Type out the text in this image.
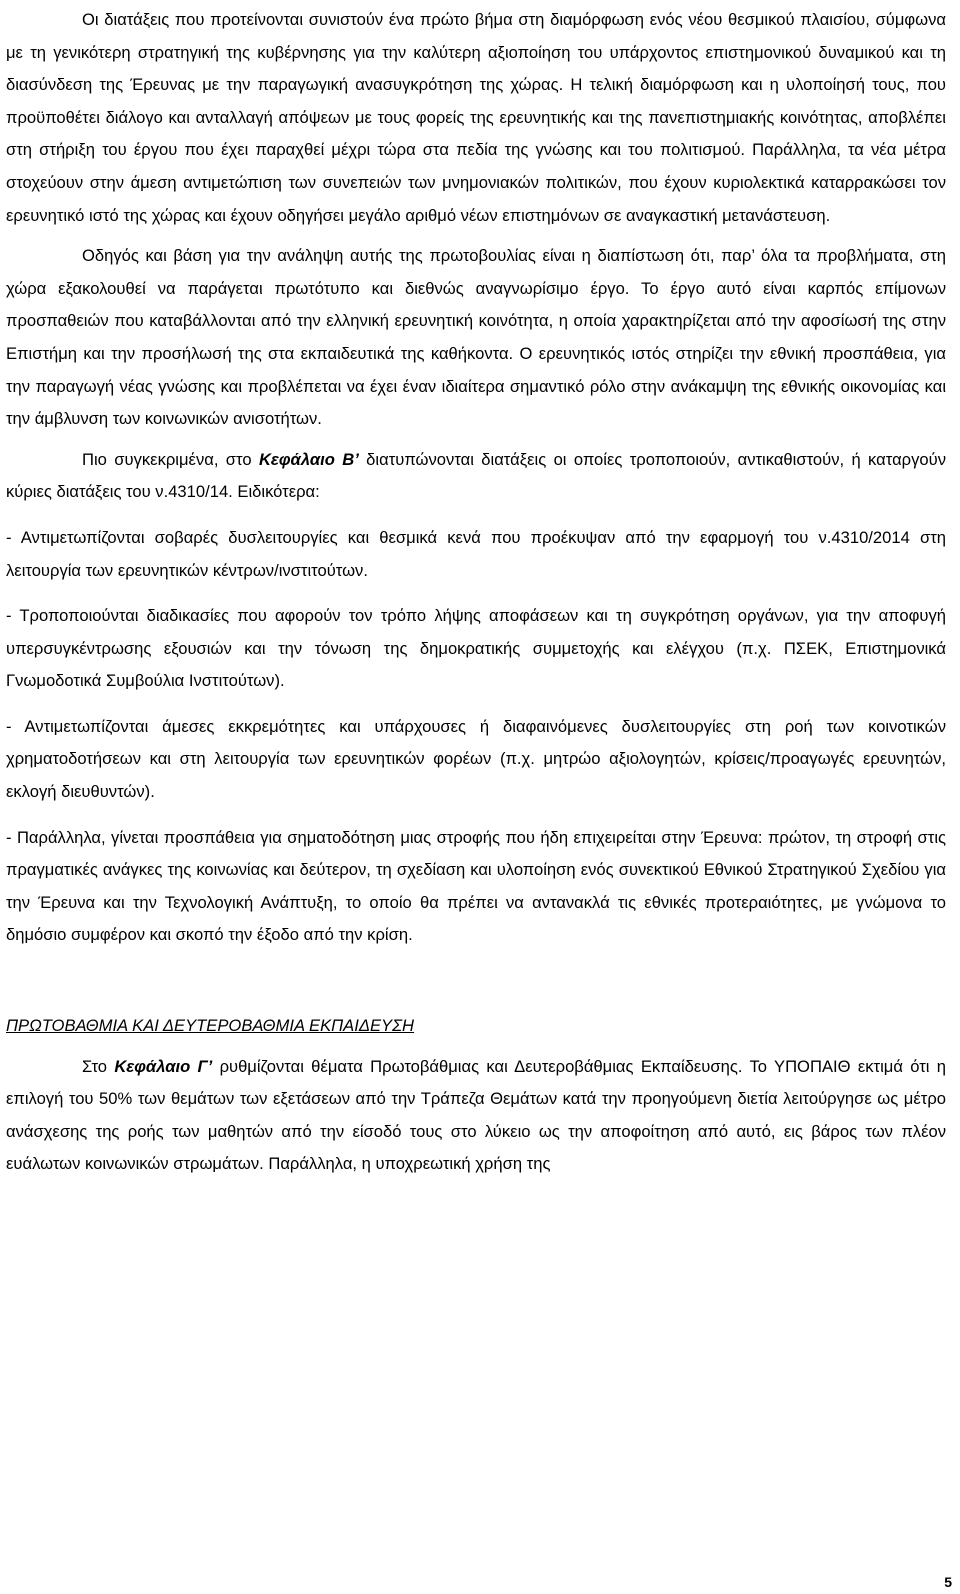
Οι διατάξεις που προτείνονται συνιστούν ένα πρώτο βήμα στη διαμόρφωση ενός νέου θεσμικού πλαισίου, σύμφωνα με τη γενικότερη στρατηγική της κυβέρνησης για την καλύτερη αξιοποίηση του υπάρχοντος επιστημονικού δυναμικού και τη διασύνδεση της Έρευνας με την παραγωγική ανασυγκρότηση της χώρας. Η τελική διαμόρφωση και η υλοποίησή τους, που προϋποθέτει διάλογο και ανταλλαγή απόψεων με τους φορείς της ερευνητικής και της πανεπιστημιακής κοινότητας, αποβλέπει στη στήριξη του έργου που έχει παραχθεί μέχρι τώρα στα πεδία της γνώσης και του πολιτισμού. Παράλληλα, τα νέα μέτρα στοχεύουν στην άμεση αντιμετώπιση των συνεπειών των μνημονιακών πολιτικών, που έχουν κυριολεκτικά καταρρακώσει τον ερευνητικό ιστό της χώρας και έχουν οδηγήσει μεγάλο αριθμό νέων επιστημόνων σε αναγκαστική μετανάστευση.

Οδηγός και βάση για την ανάληψη αυτής της πρωτοβουλίας είναι η διαπίστωση ότι, παρ’ όλα τα προβλήματα, στη χώρα εξακολουθεί να παράγεται πρωτότυπο και διεθνώς αναγνωρίσιμο έργο. Το έργο αυτό είναι καρπός επίμονων προσπαθειών που καταβάλλονται από την ελληνική ερευνητική κοινότητα, η οποία χαρακτηρίζεται από την αφοσίωσή της στην Επιστήμη και την προσήλωσή της στα εκπαιδευτικά της καθήκοντα. Ο ερευνητικός ιστός στηρίζει την εθνική προσπάθεια, για την παραγωγή νέας γνώσης και προβλέπεται να έχει έναν ιδιαίτερα σημαντικό ρόλο στην ανάκαμψη της εθνικής οικονομίας και την άμβλυνση των κοινωνικών ανισοτήτων.

Πιο συγκεκριμένα, στο Κεφάλαιο Β’ διατυπώνονται διατάξεις οι οποίες τροποποιούν, αντικαθιστούν, ή καταργούν κύριες διατάξεις του ν.4310/14. Ειδικότερα:

- Αντιμετωπίζονται σοβαρές δυσλειτουργίες και θεσμικά κενά που προέκυψαν από την εφαρμογή του ν.4310/2014 στη λειτουργία των ερευνητικών κέντρων/ινστιτούτων.

- Τροποποιούνται διαδικασίες που αφορούν τον τρόπο λήψης αποφάσεων και τη συγκρότηση οργάνων, για την αποφυγή υπερσυγκέντρωσης εξουσιών και την τόνωση της δημοκρατικής συμμετοχής και ελέγχου (π.χ. ΠΣΕΚ, Επιστημονικά Γνωμοδοτικά Συμβούλια Ινστιτούτων).

- Αντιμετωπίζονται άμεσες εκκρεμότητες και υπάρχουσες ή διαφαινόμενες δυσλειτουργίες στη ροή των κοινοτικών χρηματοδοτήσεων και στη λειτουργία των ερευνητικών φορέων (π.χ. μητρώο αξιολογητών, κρίσεις/προαγωγές ερευνητών, εκλογή διευθυντών).

- Παράλληλα, γίνεται προσπάθεια για σηματοδότηση μιας στροφής που ήδη επιχειρείται στην Έρευνα: πρώτον, τη στροφή στις πραγματικές ανάγκες της κοινωνίας και δεύτερον, τη σχεδίαση και υλοποίηση ενός συνεκτικού Εθνικού Στρατηγικού Σχεδίου για την Έρευνα και την Τεχνολογική Ανάπτυξη, το οποίο θα πρέπει να αντανακλά τις εθνικές προτεραιότητες, με γνώμονα το δημόσιο συμφέρον και σκοπό την έξοδο από την κρίση.

ΠΡΩΤΟΒΑΘΜΙΑ ΚΑΙ ΔΕΥΤΕΡΟΒΑΘΜΙΑ ΕΚΠΑΙΔΕΥΣΗ

Στο Κεφάλαιο Γ’ ρυθμίζονται θέματα Πρωτοβάθμιας και Δευτεροβάθμιας Εκπαίδευσης. Το ΥΠΟΠΑΙΘ εκτιμά ότι η επιλογή του 50% των θεμάτων των εξετάσεων από την Τράπεζα Θεμάτων κατά την προηγούμενη διετία λειτούργησε ως μέτρο ανάσχεσης της ροής των μαθητών από την είσοδό τους στο λύκειο ως την αποφοίτηση από αυτό, εις βάρος των πλέον ευάλωτων κοινωνικών στρωμάτων. Παράλληλα, η υποχρεωτική χρήση της

5
